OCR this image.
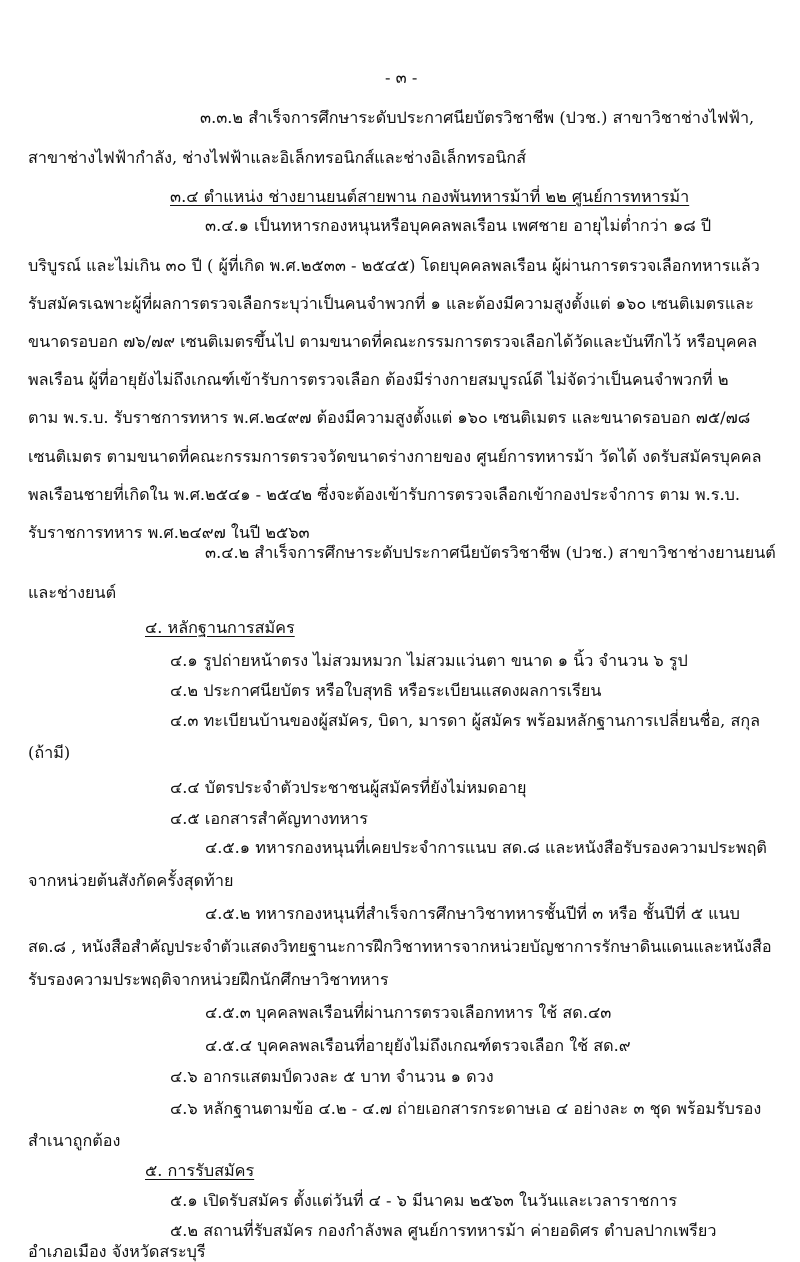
- ๓ -
๓.๓.๒ สำเร็จการศึกษาระดับประกาศนียบัตรวิชาชีพ (ปวช.) สาขาวิชาช่างไฟฟ้า,
สาขาช่างไฟฟ้ากำลัง, ช่างไฟฟ้าและอิเล็กทรอนิกส์และช่างอิเล็กทรอนิกส์
๓.๔ ตำแหน่ง ช่างยานยนต์สายพาน กองพันทหารม้าที่ ๒๒ ศูนย์การทหารม้า
๓.๔.๑ เป็นทหารกองหนุนหรือบุคคลพลเรือน เพศชาย อายุไม่ต่ำกว่า ๑๘ ปี
บริบูรณ์ และไม่เกิน ๓๐ ปี ( ผู้ที่เกิด พ.ศ.๒๕๓๓ - ๒๕๔๕) โดยบุคคลพลเรือน ผู้ผ่านการตรวจเลือกทหารแล้ว
รับสมัครเฉพาะผู้ที่ผลการตรวจเลือกระบุว่าเป็นคนจำพวกที่ ๑ และต้องมีความสูงตั้งแต่ ๑๖๐ เซนติเมตรและ
ขนาดรอบอก ๗๖/๗๙ เซนติเมตรขึ้นไป ตามขนาดที่คณะกรรมการตรวจเลือกได้วัดและบันทึกไว้ หรือบุคคล
พลเรือน ผู้ที่อายุยังไม่ถึงเกณฑ์เข้ารับการตรวจเลือก ต้องมีร่างกายสมบูรณ์ดี ไม่จัดว่าเป็นคนจำพวกที่ ๒
ตาม พ.ร.บ. รับราชการทหาร พ.ศ.๒๔๙๗ ต้องมีความสูงตั้งแต่ ๑๖๐ เซนติเมตร และขนาดรอบอก ๗๕/๗๘
เซนติเมตร ตามขนาดที่คณะกรรมการตรวจวัดขนาดร่างกายของ ศูนย์การทหารม้า วัดได้ งดรับสมัครบุคคล
พลเรือนชายที่เกิดใน พ.ศ.๒๕๔๑ - ๒๕๔๒ ซึ่งจะต้องเข้ารับการตรวจเลือกเข้ากองประจำการ ตาม พ.ร.บ.
รับราชการทหาร พ.ศ.๒๔๙๗ ในปี ๒๕๖๓
๓.๔.๒ สำเร็จการศึกษาระดับประกาศนียบัตรวิชาชีพ (ปวช.) สาขาวิชาช่างยานยนต์
และช่างยนต์
๔. หลักฐานการสมัคร
๔.๑ รูปถ่ายหน้าตรง ไม่สวมหมวก ไม่สวมแว่นตา ขนาด ๑ นิ้ว จำนวน ๖ รูป
๔.๒ ประกาศนียบัตร หรือใบสุทธิ หรือระเบียนแสดงผลการเรียน
๔.๓ ทะเบียนบ้านของผู้สมัคร, บิดา, มารดา ผู้สมัคร พร้อมหลักฐานการเปลี่ยนชื่อ, สกุล
(ถ้ามี)
๔.๔ บัตรประจำตัวประชาชนผู้สมัครที่ยังไม่หมดอายุ
๔.๕ เอกสารสำคัญทางทหาร
๔.๕.๑ ทหารกองหนุนที่เคยประจำการแนบ สด.๘ และหนังสือรับรองความประพฤติ
จากหน่วยต้นสังกัดครั้งสุดท้าย
๔.๕.๒ ทหารกองหนุนที่สำเร็จการศึกษาวิชาทหารชั้นปีที่ ๓ หรือ ชั้นปีที่ ๕ แนบ
สด.๘ , หนังสือสำคัญประจำตัวแสดงวิทยฐานะการฝึกวิชาทหารจากหน่วยบัญชาการรักษาดินแดนและหนังสือ
รับรองความประพฤติจากหน่วยฝึกนักศึกษาวิชาทหาร
๔.๕.๓ บุคคลพลเรือนที่ผ่านการตรวจเลือกทหาร ใช้ สด.๔๓
๔.๕.๔ บุคคลพลเรือนที่อายุยังไม่ถึงเกณฑ์ตรวจเลือก ใช้ สด.๙
๔.๖ อากรแสตมป์ดวงละ ๕ บาท จำนวน ๑ ดวง
๔.๖ หลักฐานตามข้อ ๔.๒ - ๔.๗ ถ่ายเอกสารกระดาษเอ ๔ อย่างละ ๓ ชุด พร้อมรับรอง
สำเนาถูกต้อง
๕. การรับสมัคร
๕.๑ เปิดรับสมัคร ตั้งแต่วันที่ ๔ - ๖ มีนาคม ๒๕๖๓ ในวันและเวลาราชการ
๕.๒ สถานที่รับสมัคร กองกำลังพล ศูนย์การทหารม้า ค่ายอดิศร ตำบลปากเพรียว
อำเภอเมือง จังหวัดสระบุรี
